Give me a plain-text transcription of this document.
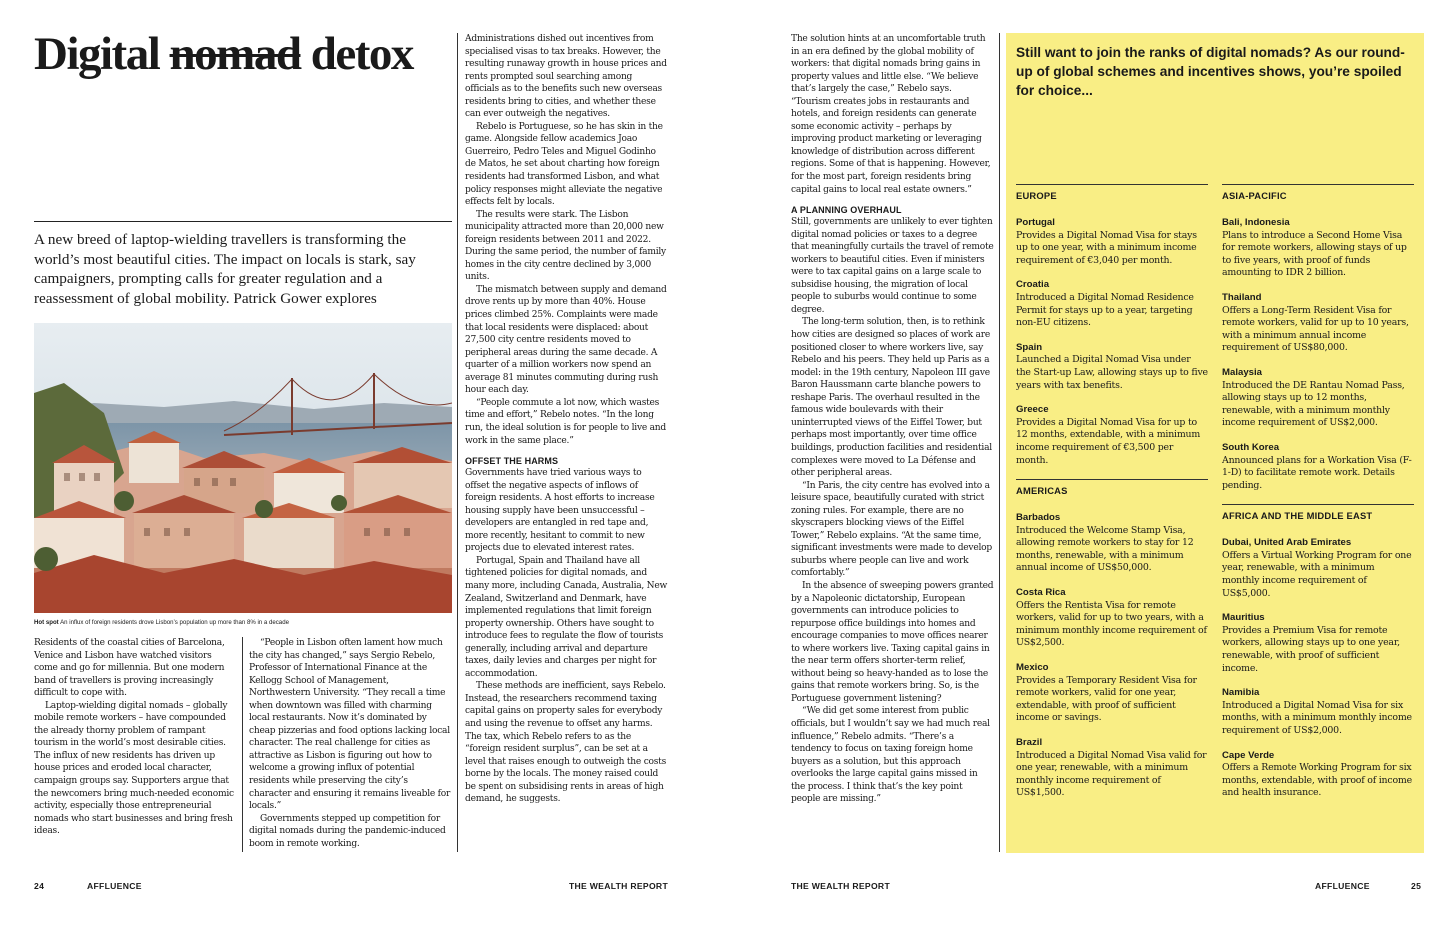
Digital nomad detox

A new breed of laptop-wielding travellers is transforming the world’s most beautiful cities. The impact on locals is stark, say campaigners, prompting calls for greater regulation and a reassessment of global mobility. Patrick Gower explores

Hot spot An influx of foreign residents drove Lisbon’s population up more than 8% in a decade

Residents of the coastal cities of Barcelona, Venice and Lisbon have watched visitors come and go for millennia. But one modern band of travellers is proving increasingly difficult to cope with.

Laptop-wielding digital nomads – globally mobile remote workers – have compounded the already thorny problem of rampant tourism in the world’s most desirable cities. The influx of new residents has driven up house prices and eroded local character, campaign groups say. Supporters argue that the newcomers bring much-needed economic activity, especially those entrepreneurial nomads who start businesses and bring fresh ideas.

“People in Lisbon often lament how much the city has changed,” says Sergio Rebelo, Professor of International Finance at the Kellogg School of Management, Northwestern University. “They recall a time when downtown was filled with charming local restaurants. Now it’s dominated by cheap pizzerias and food options lacking local character. The real challenge for cities as attractive as Lisbon is figuring out how to welcome a growing influx of potential residents while preserving the city’s character and ensuring it remains liveable for locals.”

Governments stepped up competition for digital nomads during the pandemic-induced boom in remote working.

Administrations dished out incentives from specialised visas to tax breaks. However, the resulting runaway growth in house prices and rents prompted soul searching among officials as to the benefits such new overseas residents bring to cities, and whether these can ever outweigh the negatives.

Rebelo is Portuguese, so he has skin in the game. Alongside fellow academics Joao Guerreiro, Pedro Teles and Miguel Godinho de Matos, he set about charting how foreign residents had transformed Lisbon, and what policy responses might alleviate the negative effects felt by locals.

The results were stark. The Lisbon municipality attracted more than 20,000 new foreign residents between 2011 and 2022. During the same period, the number of family homes in the city centre declined by 3,000 units.

The mismatch between supply and demand drove rents up by more than 40%. House prices climbed 25%. Complaints were made that local residents were displaced: about 27,500 city centre residents moved to peripheral areas during the same decade. A quarter of a million workers now spend an average 81 minutes commuting during rush hour each day.

“People commute a lot now, which wastes time and effort,” Rebelo notes. “In the long run, the ideal solution is for people to live and work in the same place.”

OFFSET THE HARMS

Governments have tried various ways to offset the negative aspects of inflows of foreign residents. A host efforts to increase housing supply have been unsuccessful – developers are entangled in red tape and, more recently, hesitant to commit to new projects due to elevated interest rates.

Portugal, Spain and Thailand have all tightened policies for digital nomads, and many more, including Canada, Australia, New Zealand, Switzerland and Denmark, have implemented regulations that limit foreign property ownership. Others have sought to introduce fees to regulate the flow of tourists generally, including arrival and departure taxes, daily levies and charges per night for accommodation.

These methods are inefficient, says Rebelo. Instead, the researchers recommend taxing capital gains on property sales for everybody and using the revenue to offset any harms. The tax, which Rebelo refers to as the “foreign resident surplus”, can be set at a level that raises enough to outweigh the costs borne by the locals. The money raised could be spent on subsidising rents in areas of high demand, he suggests.

The solution hints at an uncomfortable truth in an era defined by the global mobility of workers: that digital nomads bring gains in property values and little else. “We believe that’s largely the case,” Rebelo says. “Tourism creates jobs in restaurants and hotels, and foreign residents can generate some economic activity – perhaps by improving product marketing or leveraging knowledge of distribution across different regions. Some of that is happening. However, for the most part, foreign residents bring capital gains to local real estate owners.”

A PLANNING OVERHAUL

Still, governments are unlikely to ever tighten digital nomad policies or taxes to a degree that meaningfully curtails the travel of remote workers to beautiful cities. Even if ministers were to tax capital gains on a large scale to subsidise housing, the migration of local people to suburbs would continue to some degree.

The long-term solution, then, is to rethink how cities are designed so places of work are positioned closer to where workers live, say Rebelo and his peers. They held up Paris as a model: in the 19th century, Napoleon III gave Baron Haussmann carte blanche powers to reshape Paris. The overhaul resulted in the famous wide boulevards with their uninterrupted views of the Eiffel Tower, but perhaps most importantly, over time office buildings, production facilities and residential complexes were moved to La Défense and other peripheral areas.

“In Paris, the city centre has evolved into a leisure space, beautifully curated with strict zoning rules. For example, there are no skyscrapers blocking views of the Eiffel Tower,” Rebelo explains. “At the same time, significant investments were made to develop suburbs where people can live and work comfortably.”

In the absence of sweeping powers granted by a Napoleonic dictatorship, European governments can introduce policies to repurpose office buildings into homes and encourage companies to move offices nearer to where workers live. Taxing capital gains in the near term offers shorter-term relief, without being so heavy-handed as to lose the gains that remote workers bring. So, is the Portuguese government listening?

“We did get some interest from public officials, but I wouldn’t say we had much real influence,” Rebelo admits. “There’s a tendency to focus on taxing foreign home buyers as a solution, but this approach overlooks the large capital gains missed in the process. I think that’s the key point people are missing.”

Still want to join the ranks of digital nomads? As our round-up of global schemes and incentives shows, you’re spoiled for choice...
EUROPE
Portugal
Provides a Digital Nomad Visa for stays up to one year, with a minimum income requirement of €3,040 per month.
Croatia
Introduced a Digital Nomad Residence Permit for stays up to a year, targeting non-EU citizens.
Spain
Launched a Digital Nomad Visa under the Start-up Law, allowing stays up to five years with tax benefits.
Greece
Provides a Digital Nomad Visa for up to 12 months, extendable, with a minimum income requirement of €3,500 per month.
AMERICAS
Barbados
Introduced the Welcome Stamp Visa, allowing remote workers to stay for 12 months, renewable, with a minimum annual income of US$50,000.
Costa Rica
Offers the Rentista Visa for remote workers, valid for up to two years, with a minimum monthly income requirement of US$2,500.
Mexico
Provides a Temporary Resident Visa for remote workers, valid for one year, extendable, with proof of sufficient income or savings.
Brazil
Introduced a Digital Nomad Visa valid for one year, renewable, with a minimum monthly income requirement of US$1,500.
ASIA-PACIFIC
Bali, Indonesia
Plans to introduce a Second Home Visa for remote workers, allowing stays of up to five years, with proof of funds amounting to IDR 2 billion.
Thailand
Offers a Long-Term Resident Visa for remote workers, valid for up to 10 years, with a minimum annual income requirement of US$80,000.
Malaysia
Introduced the DE Rantau Nomad Pass, allowing stays up to 12 months, renewable, with a minimum monthly income requirement of US$2,000.
South Korea
Announced plans for a Workation Visa (F-1-D) to facilitate remote work. Details pending.
AFRICA AND THE MIDDLE EAST
Dubai, United Arab Emirates
Offers a Virtual Working Program for one year, renewable, with a minimum monthly income requirement of US$5,000.
Mauritius
Provides a Premium Visa for remote workers, allowing stays up to one year, renewable, with proof of sufficient income.
Namibia
Introduced a Digital Nomad Visa for six months, with a minimum monthly income requirement of US$2,000.
Cape Verde
Offers a Remote Working Program for six months, extendable, with proof of income and health insurance.
24	AFFLUENCE	THE WEALTH REPORT	THE WEALTH REPORT	AFFLUENCE	25
